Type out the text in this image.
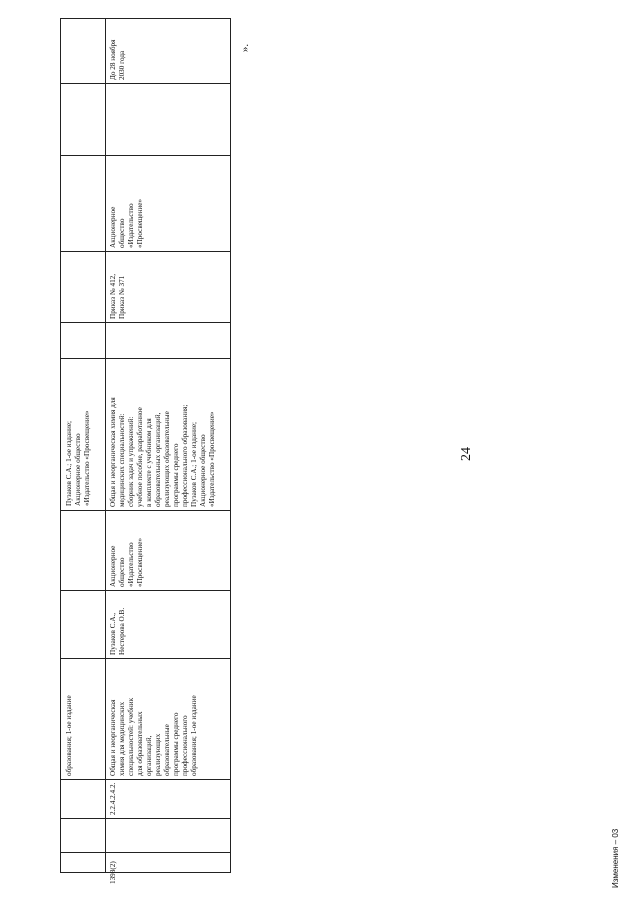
24
».
Изменения – 03
образования; 1-ое издание
Пузаков С.А.; 1-ое издание; Акционерное общество «Издательство «Просвещение»
1398(2)
2.2.4.2.4.2.
Общая и неорганическая химия для медицинских специальностей: учебник для образовательных организаций, реализующих образовательные программы среднего профессионального образования; 1-ое издание
Пузаков С.А., Нестерова О.В.
Акционерное общество «Издательство «Просвещение»
Общая и неорганическая химия для медицинских специальностей: сборник задач и упражнений: учебное пособие, разработанное в комплекте с учебником для образовательных организаций, реализующих образовательные программы среднего профессионального образования; Пузаков С.А.; 1-ое издание; Акционерное общество «Издательство «Просвещение»
Приказ № 412, Приказ № 371
Акционерное общество «Издательство «Просвещение»
До 28 ноября 2030 года
